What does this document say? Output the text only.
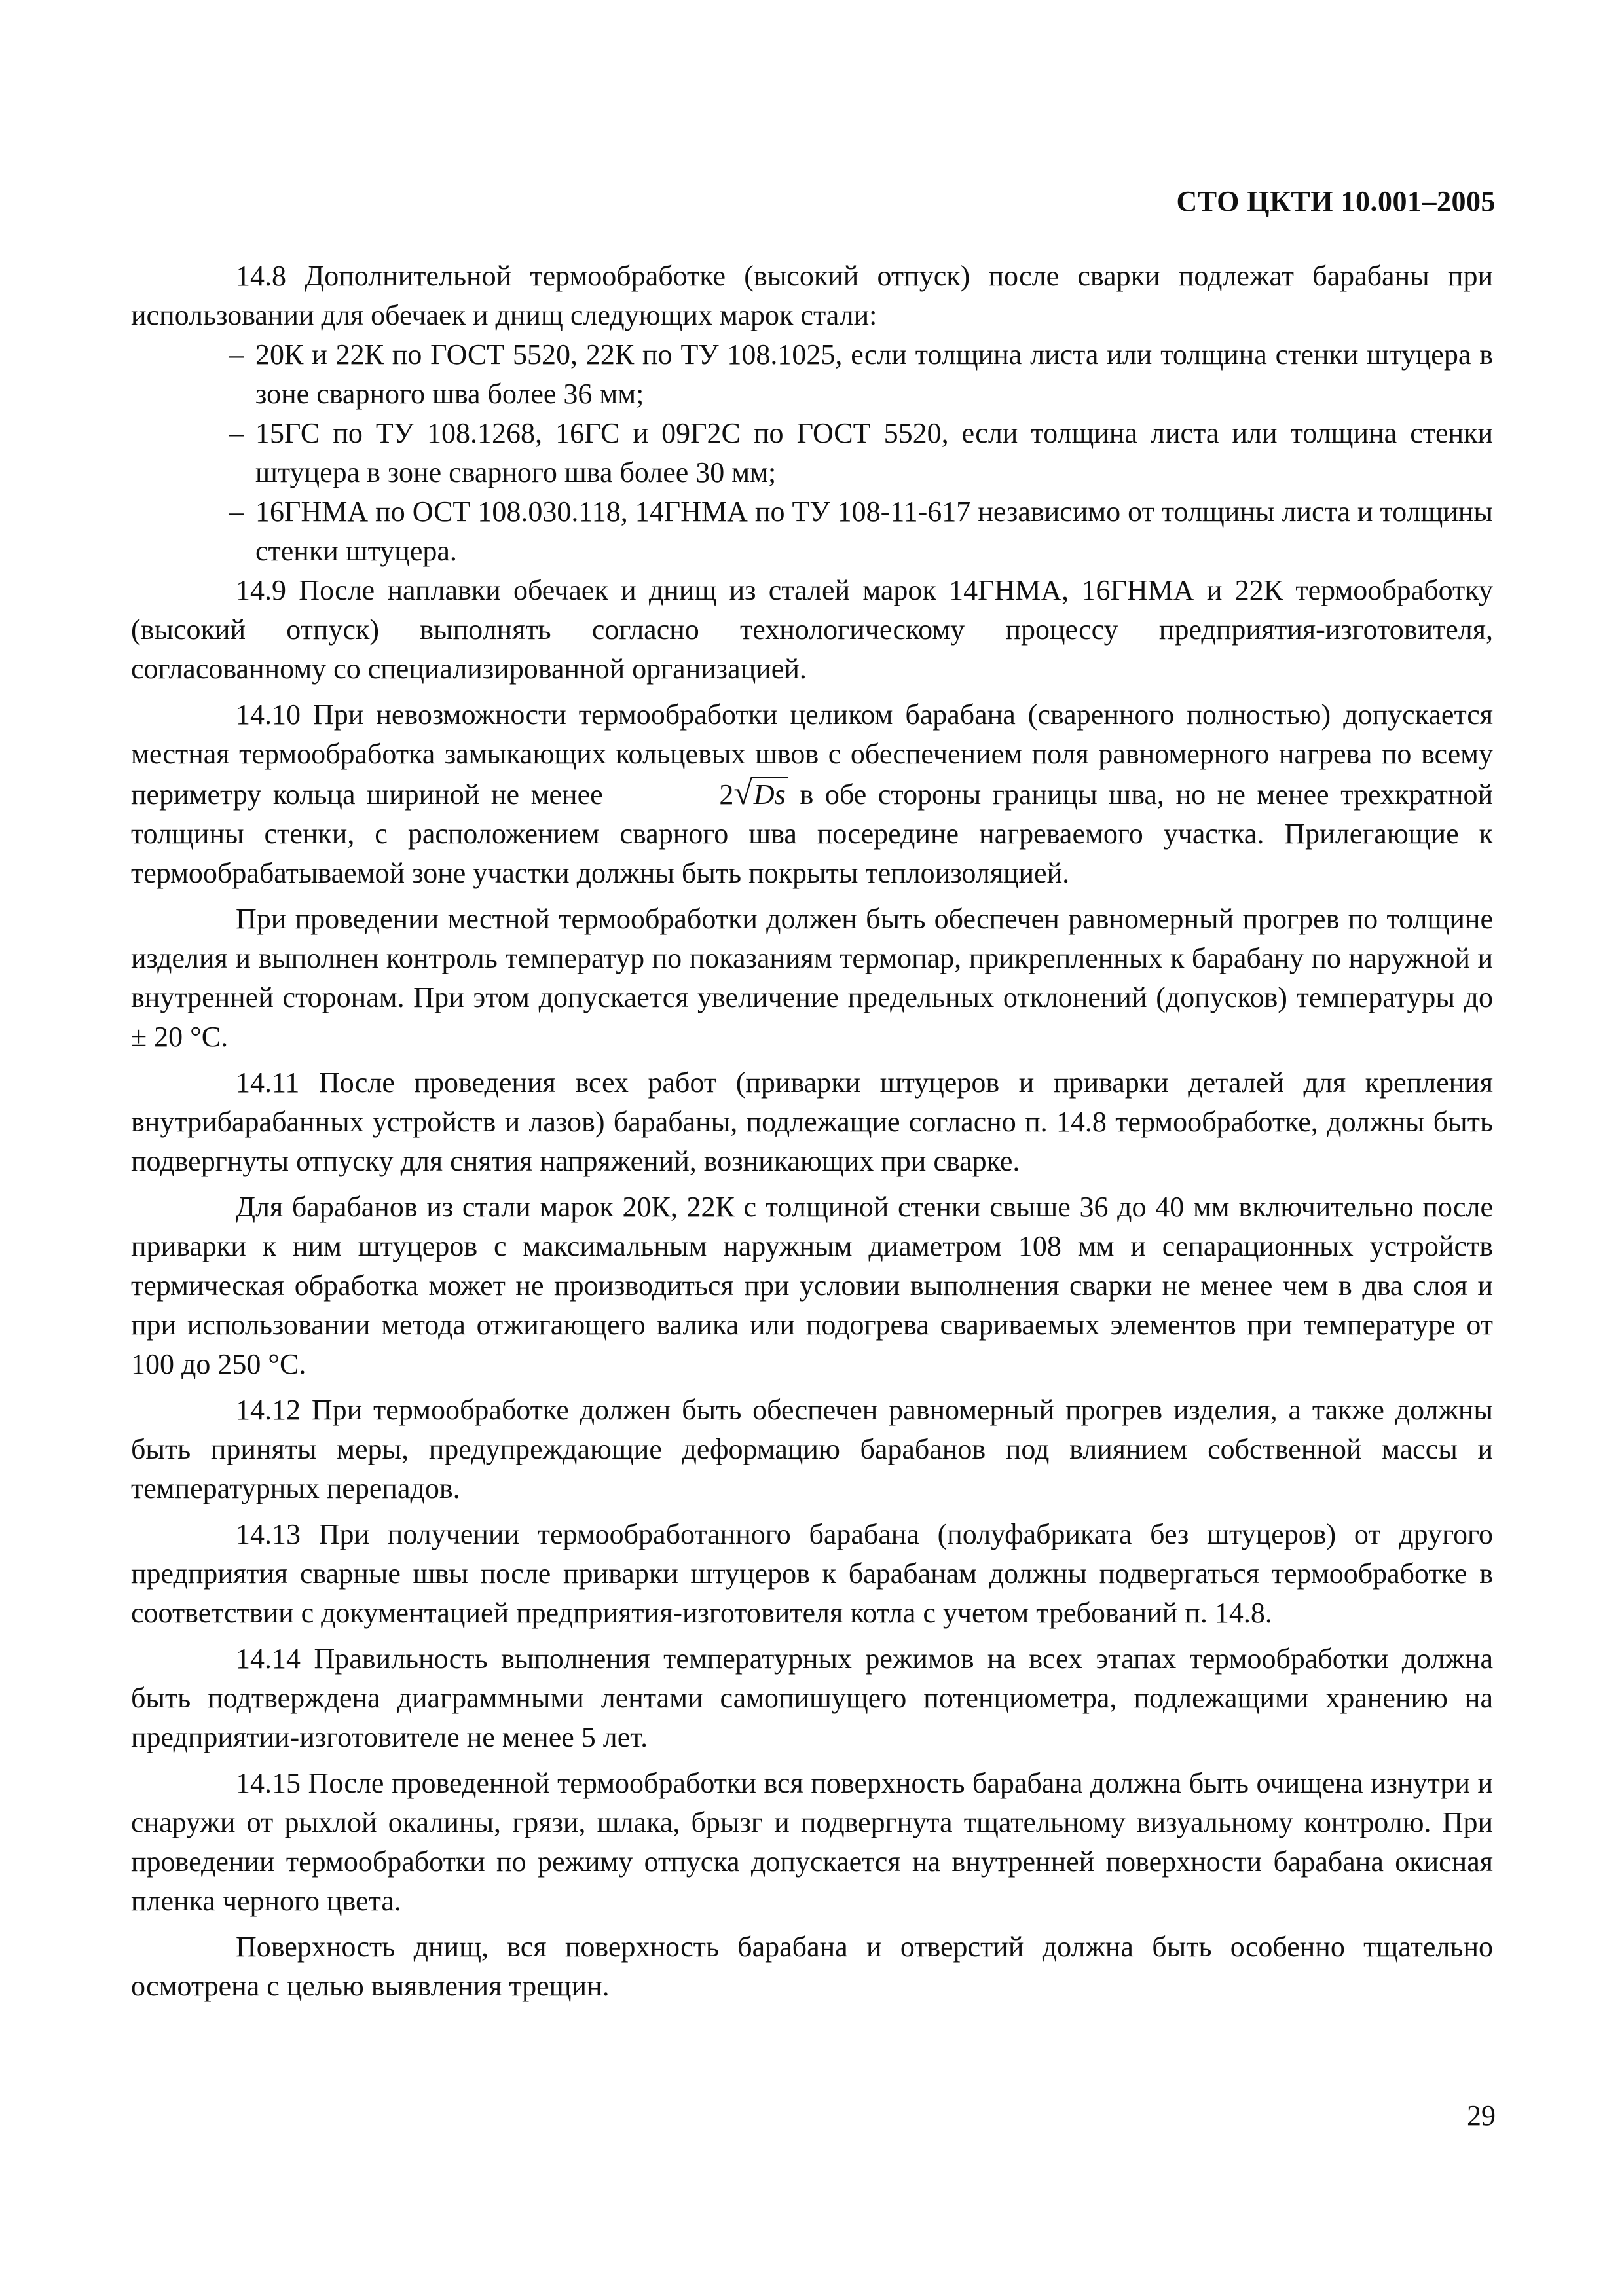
СТО ЦКТИ 10.001–2005

14.8 Дополнительной термообработке (высокий отпуск) после сварки подлежат барабаны при использовании для обечаек и днищ следующих марок стали:

– 20К и 22К по ГОСТ 5520, 22К по ТУ 108.1025, если толщина листа или толщина стенки штуцера в зоне сварного шва более 36 мм;
– 15ГС по ТУ 108.1268, 16ГС и 09Г2С по ГОСТ 5520, если толщина листа или толщина стенки штуцера в зоне сварного шва более 30 мм;
– 16ГНМА по ОСТ 108.030.118, 14ГНМА по ТУ 108-11-617 независимо от толщины листа и толщины стенки штуцера.

14.9 После наплавки обечаек и днищ из сталей марок 14ГНМА, 16ГНМА и 22К термообработку (высокий отпуск) выполнять согласно технологическому процессу предприятия-изготовителя, согласованному со специализированной организацией.

14.10 При невозможности термообработки целиком барабана (сваренного полностью) допускается местная термообработка замыкающих кольцевых швов с обеспечением поля равномерного нагрева по всему периметру кольца шириной не менее	2√Ds в обе стороны границы шва, но не менее трехкратной толщины стенки, с расположением сварного шва посередине нагреваемого участка. Прилегающие к термообрабатываемой зоне участки должны быть покрыты теплоизоляцией.

При проведении местной термообработки должен быть обеспечен равномерный прогрев по толщине изделия и выполнен контроль температур по показаниям термопар, прикрепленных к барабану по наружной и внутренней сторонам. При этом допускается увеличение предельных отклонений (допусков) температуры до ± 20 °С.

14.11 После проведения всех работ (приварки штуцеров и приварки деталей для крепления внутрибарабанных устройств и лазов) барабаны, подлежащие согласно п. 14.8 термообработке, должны быть подвергнуты отпуску для снятия напряжений, возникающих при сварке.

Для барабанов из стали марок 20К, 22К с толщиной стенки свыше 36 до 40 мм включительно после приварки к ним штуцеров с максимальным наружным диаметром 108 мм и сепарационных устройств термическая обработка может не производиться при условии выполнения сварки не менее чем в два слоя и при использовании метода отжигающего валика или подогрева свариваемых элементов при температуре от 100 до 250 °С.

14.12 При термообработке должен быть обеспечен равномерный прогрев изделия, а также должны быть приняты меры, предупреждающие деформацию барабанов под влиянием собственной массы и температурных перепадов.

14.13 При получении термообработанного барабана (полуфабриката без штуцеров) от другого предприятия сварные швы после приварки штуцеров к барабанам должны подвергаться термообработке в соответствии с документацией предприятия-изготовителя котла с учетом требований п. 14.8.

14.14 Правильность выполнения температурных режимов на всех этапах термообработки должна быть подтверждена диаграммными лентами самопишущего потенциометра, подлежащими хранению на предприятии-изготовителе не менее 5 лет.

14.15 После проведенной термообработки вся поверхность барабана должна быть очищена изнутри и снаружи от рыхлой окалины, грязи, шлака, брызг и подвергнута тщательному визуальному контролю. При проведении термообработки по режиму отпуска допускается на внутренней поверхности барабана окисная пленка черного цвета.

Поверхность днищ, вся поверхность барабана и отверстий должна быть особенно тщательно осмотрена с целью выявления трещин.

29
